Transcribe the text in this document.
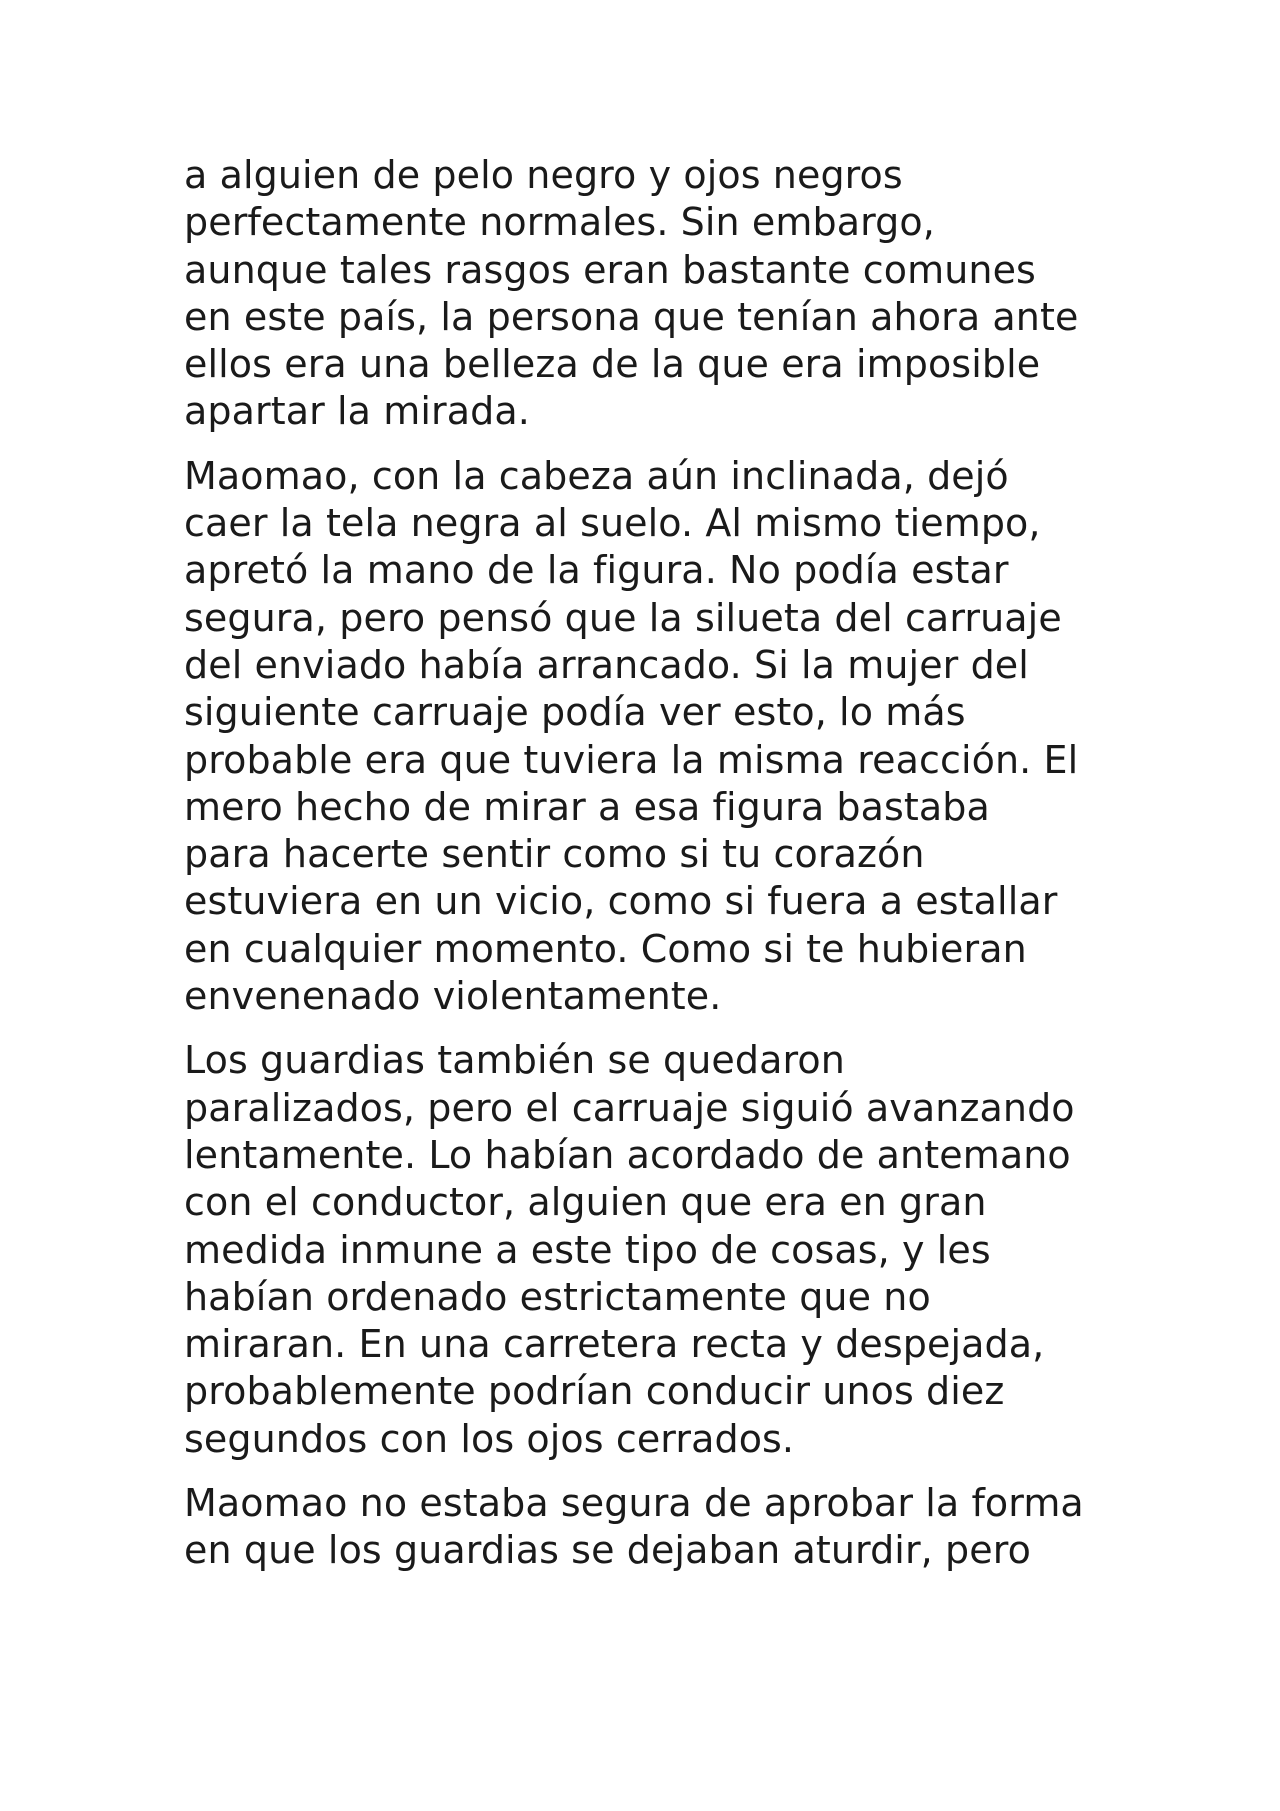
a alguien de pelo negro y ojos negros
perfectamente normales. Sin embargo,
aunque tales rasgos eran bastante comunes
en este país, la persona que tenían ahora ante
ellos era una belleza de la que era imposible
apartar la mirada.

Maomao, con la cabeza aún inclinada, dejó
caer la tela negra al suelo. Al mismo tiempo,
apretó la mano de la figura. No podía estar
segura, pero pensó que la silueta del carruaje
del enviado había arrancado. Si la mujer del
siguiente carruaje podía ver esto, lo más
probable era que tuviera la misma reacción. El
mero hecho de mirar a esa figura bastaba
para hacerte sentir como si tu corazón
estuviera en un vicio, como si fuera a estallar
en cualquier momento. Como si te hubieran
envenenado violentamente.

Los guardias también se quedaron
paralizados, pero el carruaje siguió avanzando
lentamente. Lo habían acordado de antemano
con el conductor, alguien que era en gran
medida inmune a este tipo de cosas, y les
habían ordenado estrictamente que no
miraran. En una carretera recta y despejada,
probablemente podrían conducir unos diez
segundos con los ojos cerrados.

Maomao no estaba segura de aprobar la forma
en que los guardias se dejaban aturdir, pero
